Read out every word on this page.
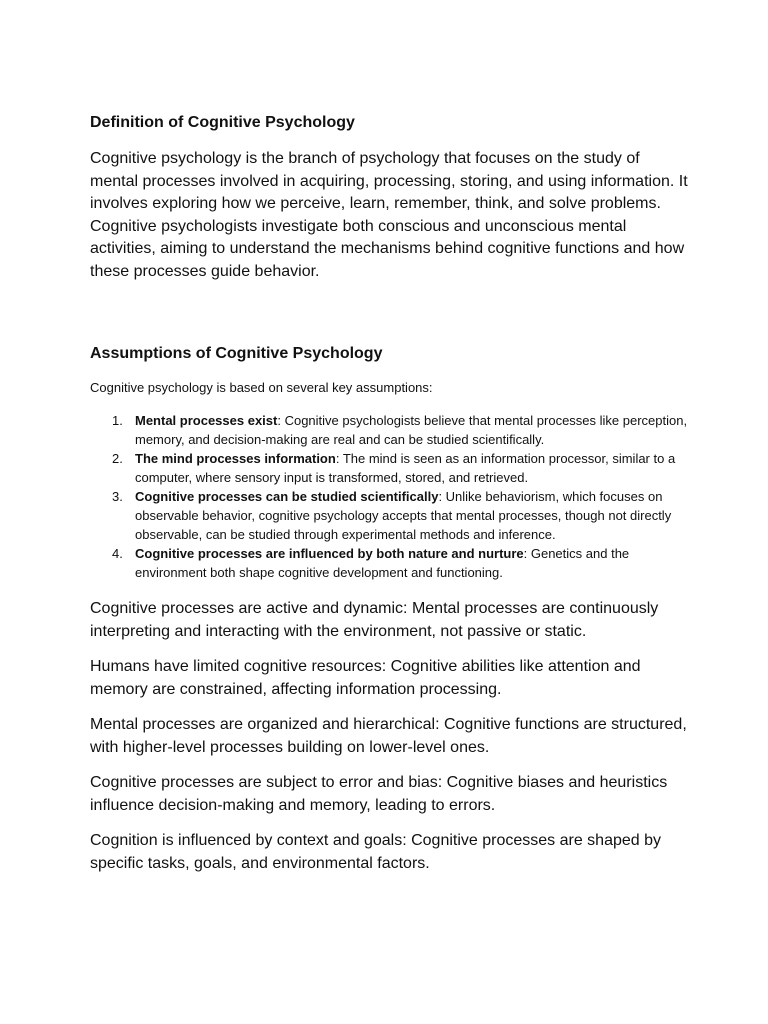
Definition of Cognitive Psychology

Cognitive psychology is the branch of psychology that focuses on the study of mental processes involved in acquiring, processing, storing, and using information. It involves exploring how we perceive, learn, remember, think, and solve problems. Cognitive psychologists investigate both conscious and unconscious mental activities, aiming to understand the mechanisms behind cognitive functions and how these processes guide behavior.

Assumptions of Cognitive Psychology

Cognitive psychology is based on several key assumptions:

1. Mental processes exist: Cognitive psychologists believe that mental processes like perception, memory, and decision-making are real and can be studied scientifically.
2. The mind processes information: The mind is seen as an information processor, similar to a computer, where sensory input is transformed, stored, and retrieved.
3. Cognitive processes can be studied scientifically: Unlike behaviorism, which focuses on observable behavior, cognitive psychology accepts that mental processes, though not directly observable, can be studied through experimental methods and inference.
4. Cognitive processes are influenced by both nature and nurture: Genetics and the environment both shape cognitive development and functioning.

Cognitive processes are active and dynamic: Mental processes are continuously interpreting and interacting with the environment, not passive or static.

Humans have limited cognitive resources: Cognitive abilities like attention and memory are constrained, affecting information processing.

Mental processes are organized and hierarchical: Cognitive functions are structured, with higher-level processes building on lower-level ones.

Cognitive processes are subject to error and bias: Cognitive biases and heuristics influence decision-making and memory, leading to errors.

Cognition is influenced by context and goals: Cognitive processes are shaped by specific tasks, goals, and environmental factors.
